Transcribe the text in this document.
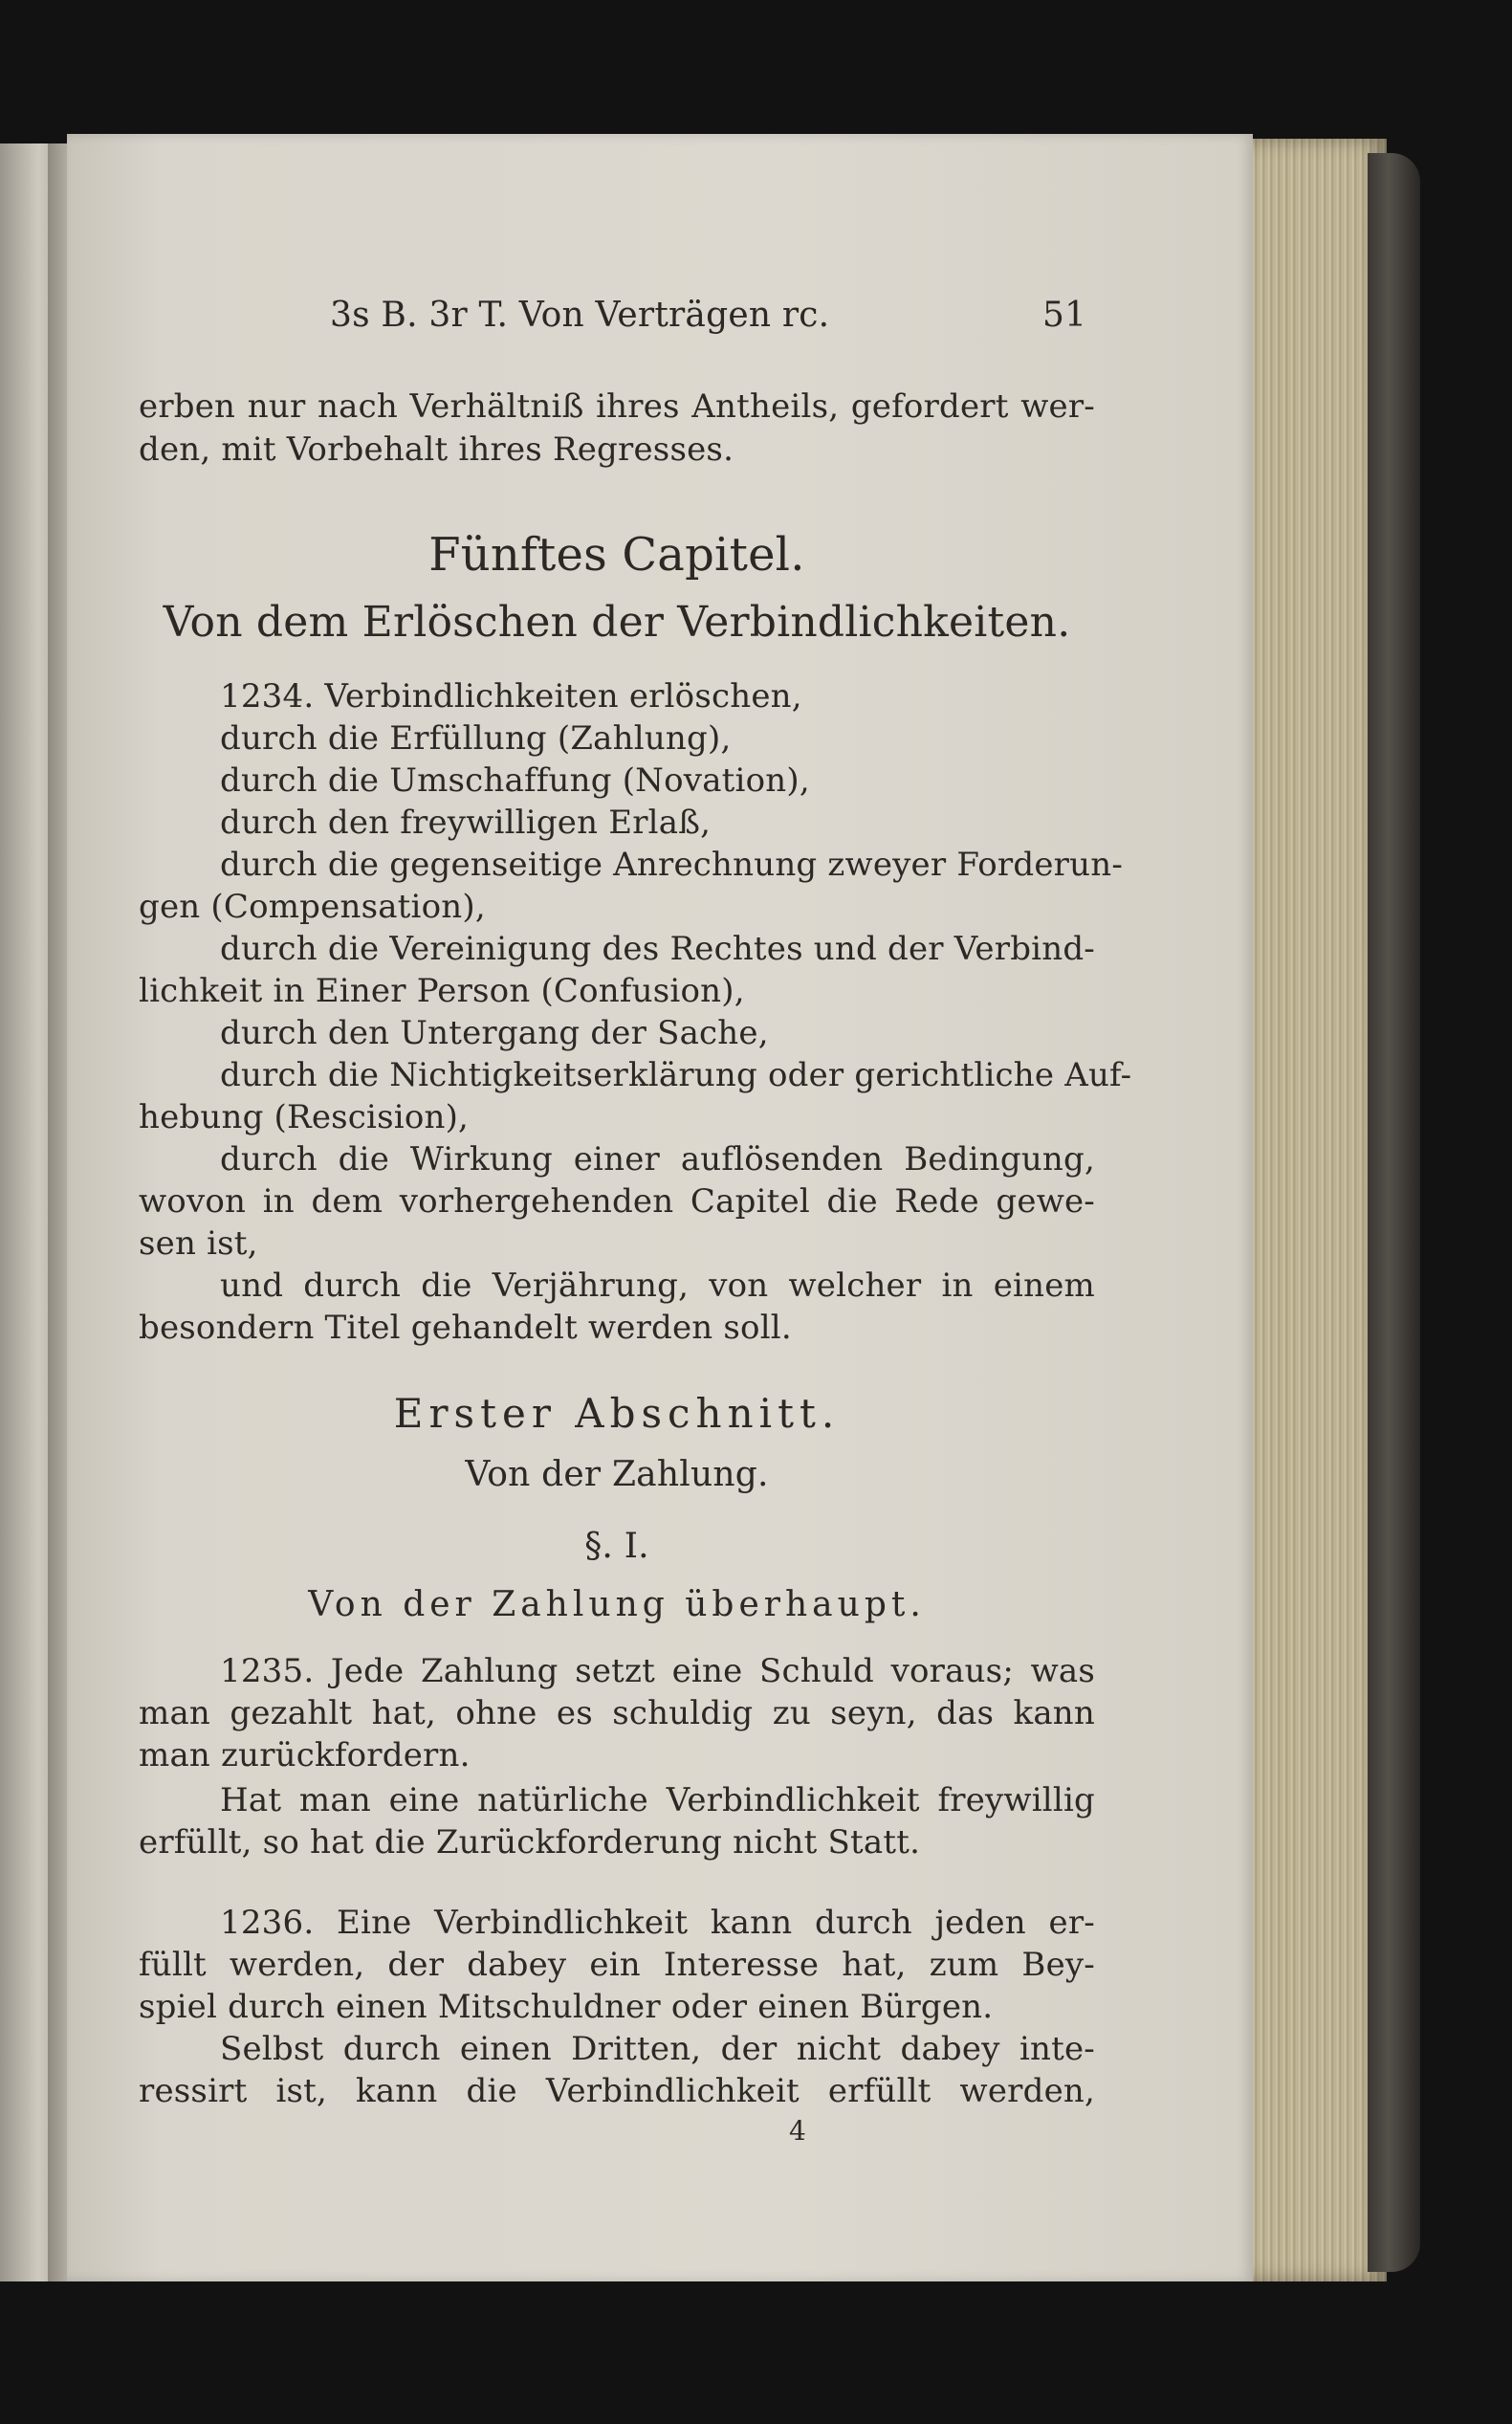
3s B. 3r T. Von Verträgen rc.	51

erben nur nach Verhältniß ihres Antheils, gefordert wer-

den, mit Vorbehalt ihres Regresses.

Fünftes Capitel.

Von dem Erlöschen der Verbindlichkeiten.

1234. Verbindlichkeiten erlöschen,

durch die Erfüllung (Zahlung),

durch die Umschaffung (Novation),

durch den freywilligen Erlaß,

durch die gegenseitige Anrechnung zweyer Forderun-

gen (Compensation),

durch die Vereinigung des Rechtes und der Verbind-

lichkeit in Einer Person (Confusion),

durch den Untergang der Sache,

durch die Nichtigkeitserklärung oder gerichtliche Auf-

hebung (Rescision),

durch die Wirkung einer auflösenden Bedingung,

wovon in dem vorhergehenden Capitel die Rede gewe-

sen ist,

und durch die Verjährung, von welcher in einem

besondern Titel gehandelt werden soll.

Erster Abschnitt.

Von der Zahlung.

§. I.

Von der Zahlung überhaupt.

1235. Jede Zahlung setzt eine Schuld voraus; was

man gezahlt hat, ohne es schuldig zu seyn, das kann

man zurückfordern.

Hat man eine natürliche Verbindlichkeit freywillig

erfüllt, so hat die Zurückforderung nicht Statt.

1236. Eine Verbindlichkeit kann durch jeden er-

füllt werden, der dabey ein Interesse hat, zum Bey-

spiel durch einen Mitschuldner oder einen Bürgen.

Selbst durch einen Dritten, der nicht dabey inte-

ressirt ist, kann die Verbindlichkeit erfüllt werden,

4
